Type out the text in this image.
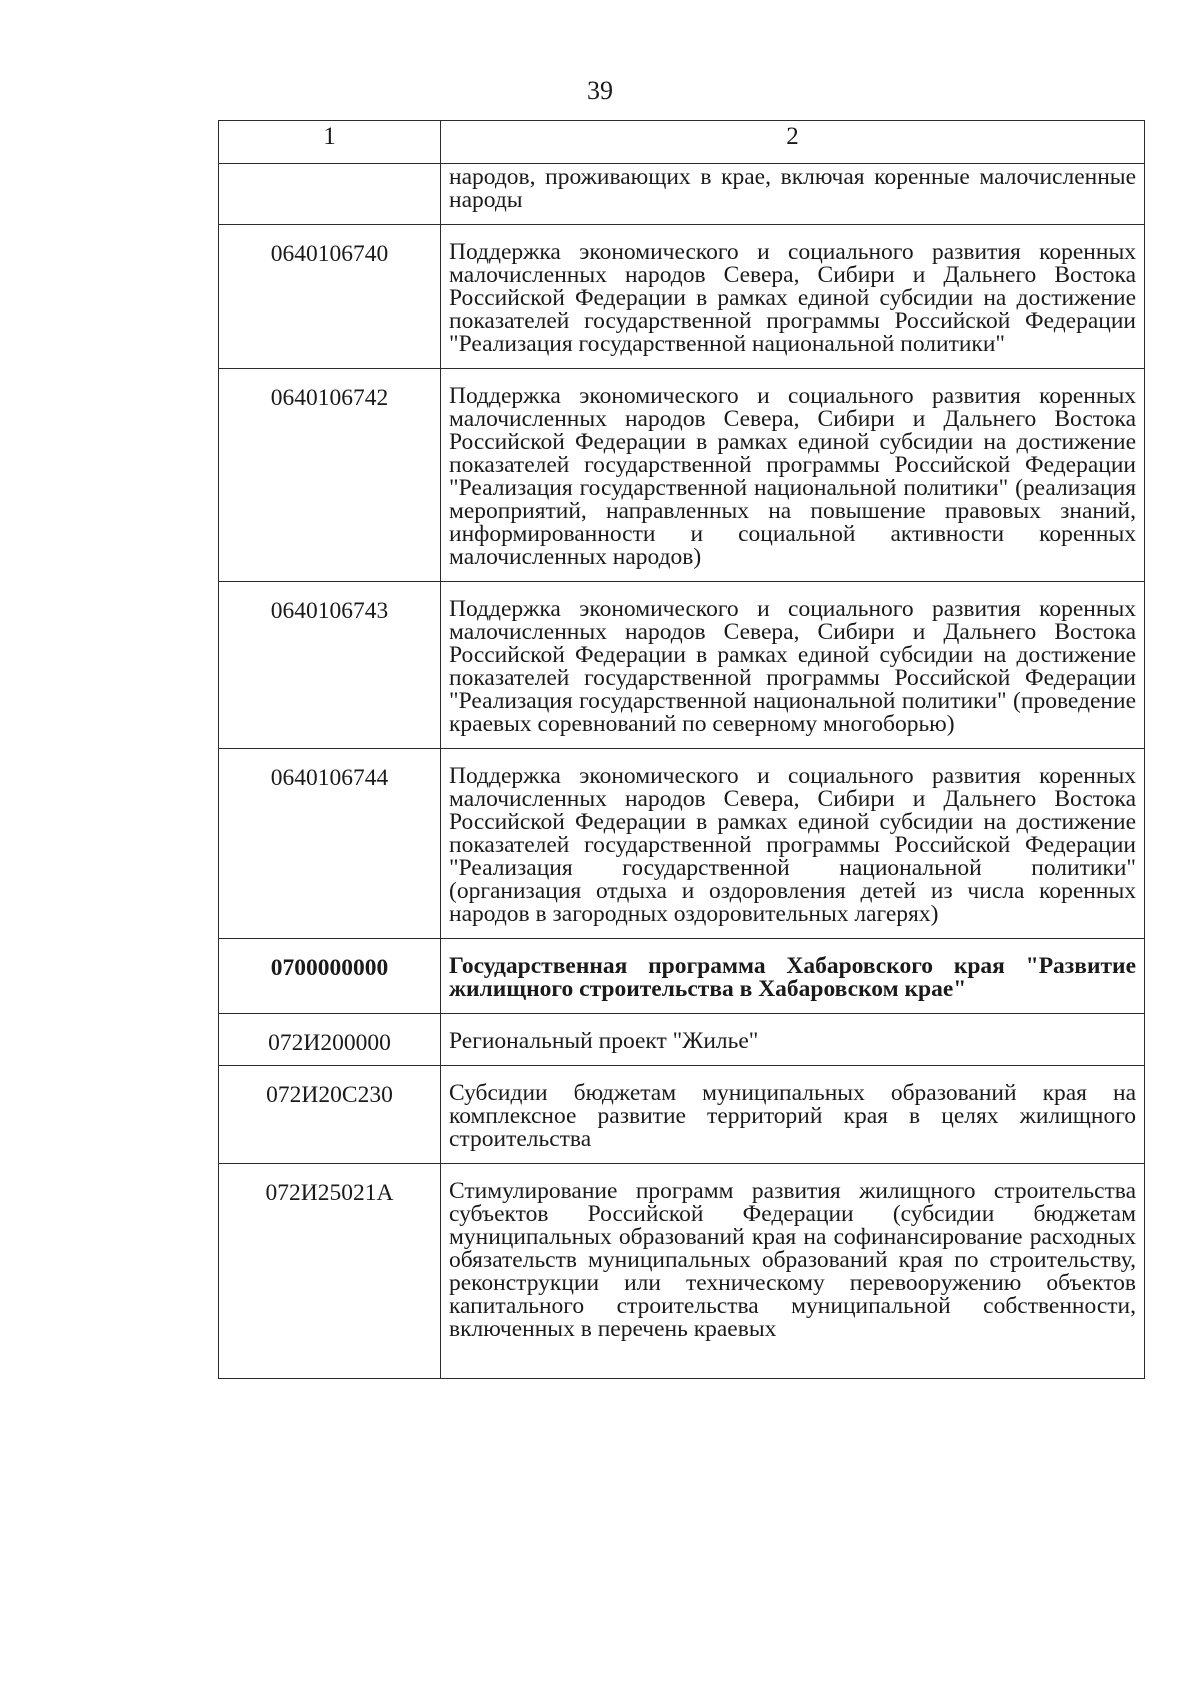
39
1	2
	народов, проживающих в крае, включая коренные малочисленные народы
0640106740	Поддержка экономического и социального развития коренных малочисленных народов Севера, Сибири и Дальнего Востока Российской Федерации в рамках единой субсидии на достижение показателей государственной программы Российской Федерации "Реализация государственной национальной политики"
0640106742	Поддержка экономического и социального развития коренных малочисленных народов Севера, Сибири и Дальнего Востока Российской Федерации в рамках единой субсидии на достижение показателей государственной программы Российской Федерации "Реализация государственной национальной политики" (реализация мероприятий, направленных на повышение правовых знаний, информированности и социальной активности коренных малочисленных народов)
0640106743	Поддержка экономического и социального развития коренных малочисленных народов Севера, Сибири и Дальнего Востока Российской Федерации в рамках единой субсидии на достижение показателей государственной программы Российской Федерации "Реализация государственной национальной политики" (проведение краевых соревнований по северному многоборью)
0640106744	Поддержка экономического и социального развития коренных малочисленных народов Севера, Сибири и Дальнего Востока Российской Федерации в рамках единой субсидии на достижение показателей государственной программы Российской Федерации "Реализация государственной национальной политики" (организация отдыха и оздоровления детей из числа коренных народов в загородных оздоровительных лагерях)
0700000000	Государственная программа Хабаровского края "Развитие жилищного строительства в Хабаровском крае"
072И200000	Региональный проект "Жилье"
072И20С230	Субсидии бюджетам муниципальных образований края на комплексное развитие территорий края в целях жилищного строительства
072И25021А	Стимулирование программ развития жилищного строительства субъектов Российской Федерации (субсидии бюджетам муниципальных образований края на софинансирование расходных обязательств муниципальных образований края по строительству, реконструкции или техническому перевооружению объектов капитального строительства муниципальной собственности, включенных в перечень краевых
